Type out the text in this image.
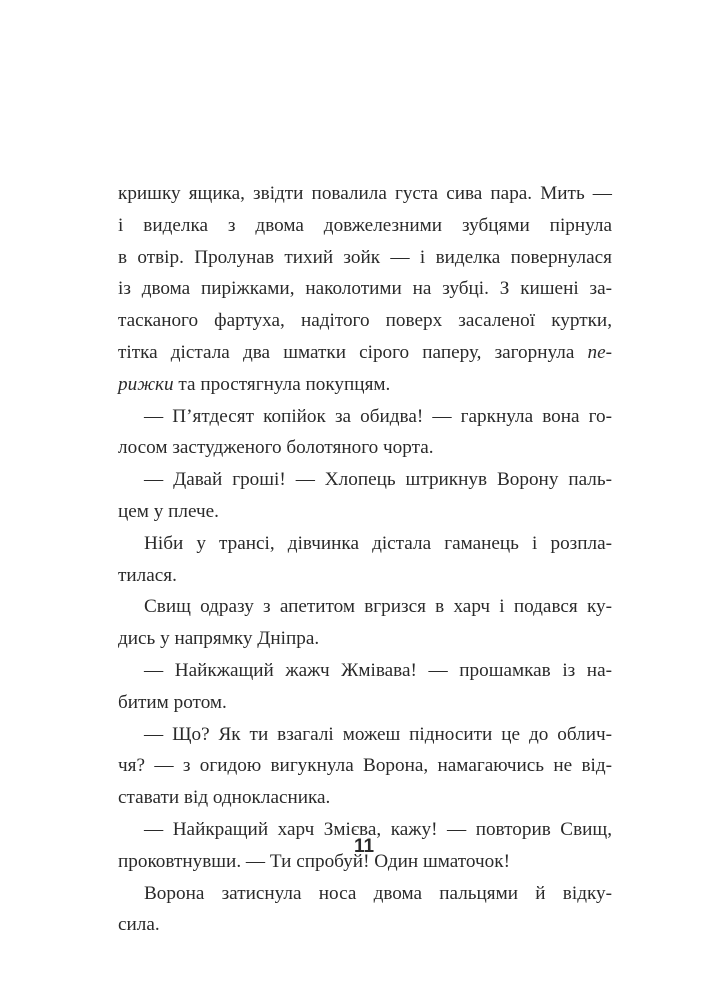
кришку ящика, звідти повалила густа сива пара. Мить —
і виделка з двома довжелезними зубцями пірнула
в отвір. Пролунав тихий зойк — і виделка повернулася
із двома пиріжками, наколотими на зубці. З кишені за-
тасканого фартуха, надітого поверх засаленої куртки,
тітка дістала два шматки сірого паперу, загорнула пе-
рижки та простягнула покупцям.
— П’ятдесят копійок за обидва! — гаркнула вона го-
лосом застудженого болотяного чорта.
— Давай гроші! — Хлопець штрикнув Ворону паль-
цем у плече.
Ніби у трансі, дівчинка дістала гаманець і розпла-
тилася.
Свищ одразу з апетитом вгризся в харч і подався ку-
дись у напрямку Дніпра.
— Найкжащий жажч Жмівава! — прошамкав із на-
битим ротом.
— Що? Як ти взагалі можеш підносити це до облич-
чя? — з огидою вигукнула Ворона, намагаючись не від-
ставати від однокласника.
— Найкращий харч Змієва, кажу! — повторив Свищ,
проковтнувши. — Ти спробуй! Один шматочок!
Ворона затиснула носа двома пальцями й відку-
сила.
11
